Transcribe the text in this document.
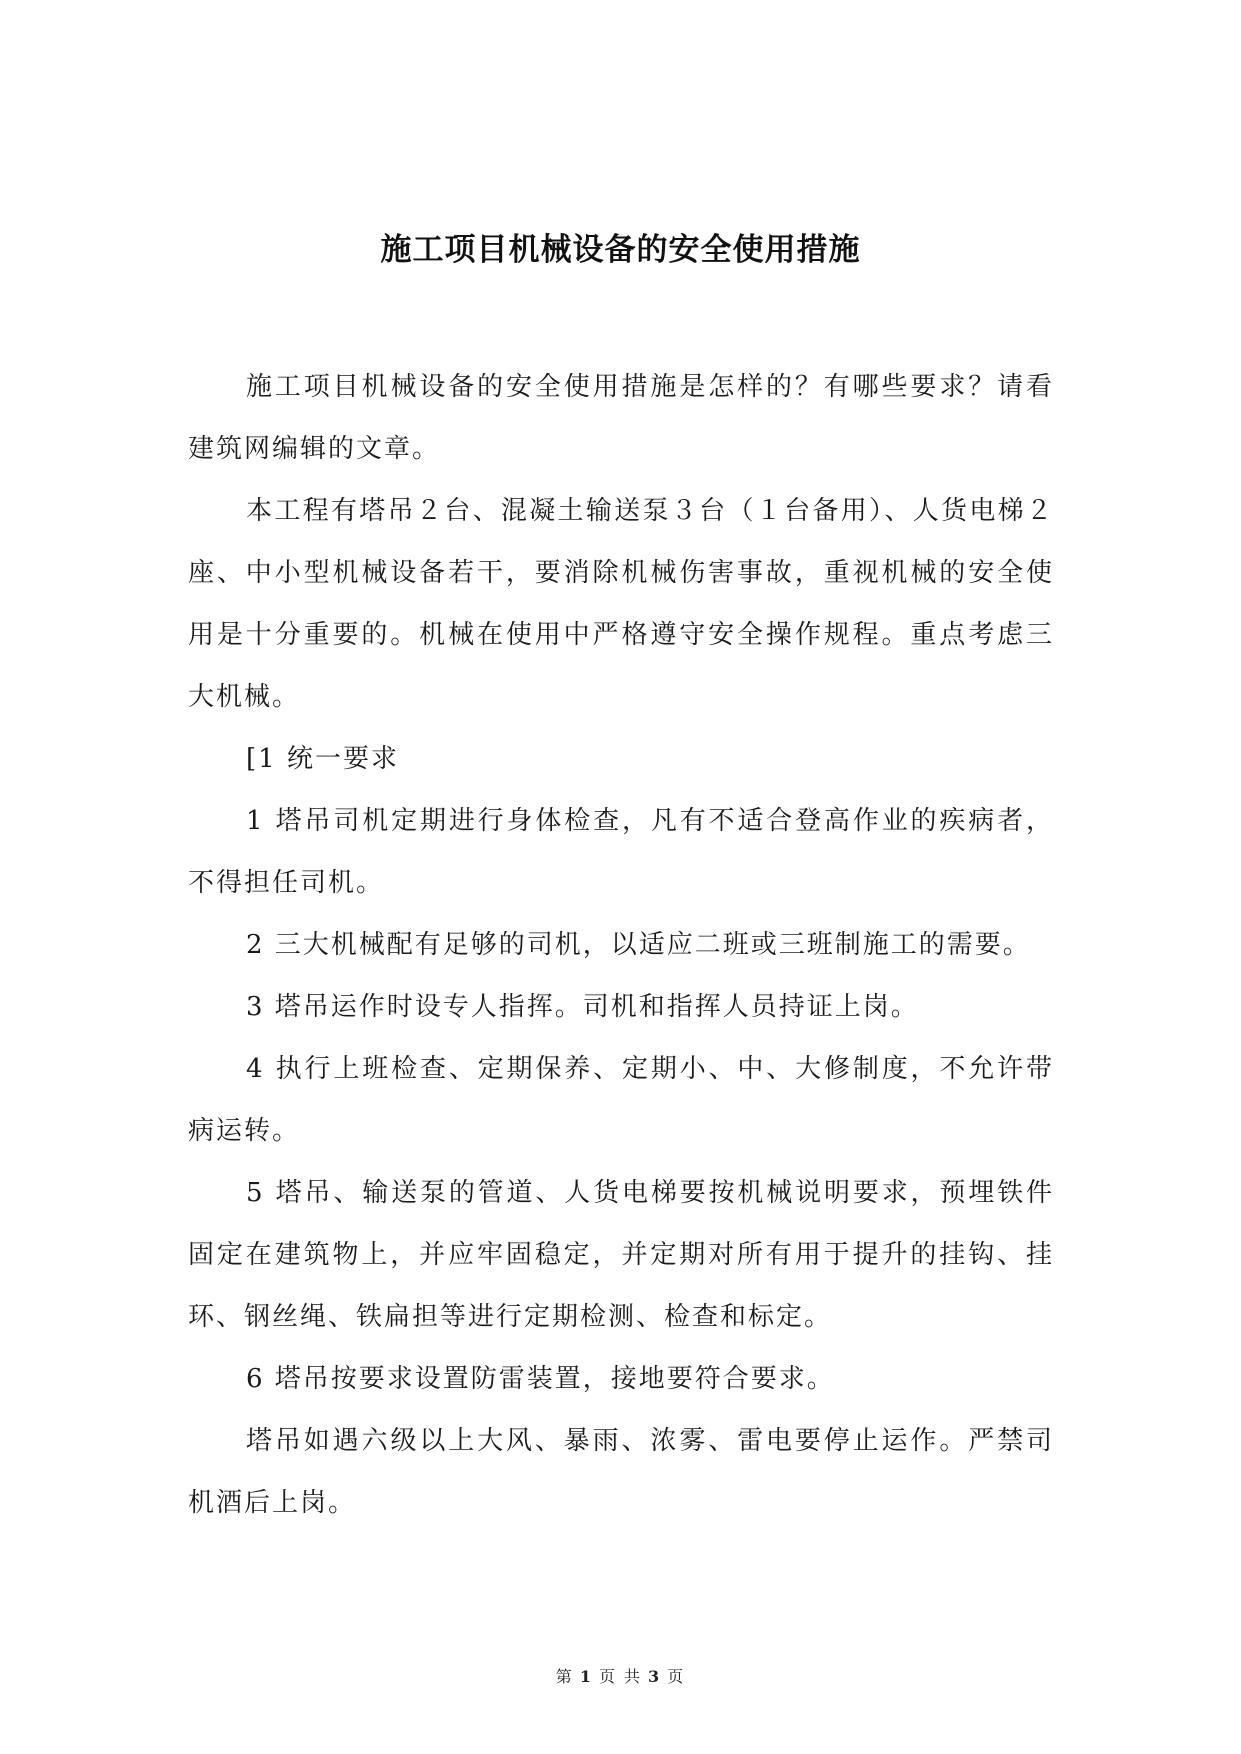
施工项目机械设备的安全使用措施

施工项目机械设备的安全使用措施是怎样的？有哪些要求？请看建筑网编辑的文章。

本工程有塔吊２台、混凝土输送泵３台（１台备用）、人货电梯２座、中小型机械设备若干，要消除机械伤害事故，重视机械的安全使用是十分重要的。机械在使用中严格遵守安全操作规程。重点考虑三大机械。

[1 统一要求

1 塔吊司机定期进行身体检查，凡有不适合登高作业的疾病者，不得担任司机。

2 三大机械配有足够的司机，以适应二班或三班制施工的需要。

3 塔吊运作时设专人指挥。司机和指挥人员持证上岗。

4 执行上班检查、定期保养、定期小、中、大修制度，不允许带病运转。

5 塔吊、输送泵的管道、人货电梯要按机械说明要求，预埋铁件固定在建筑物上，并应牢固稳定，并定期对所有用于提升的挂钩、挂环、钢丝绳、铁扁担等进行定期检测、检查和标定。

6 塔吊按要求设置防雷装置，接地要符合要求。

塔吊如遇六级以上大风、暴雨、浓雾、雷电要停止运作。严禁司机酒后上岗。

第 1 页 共 3 页
